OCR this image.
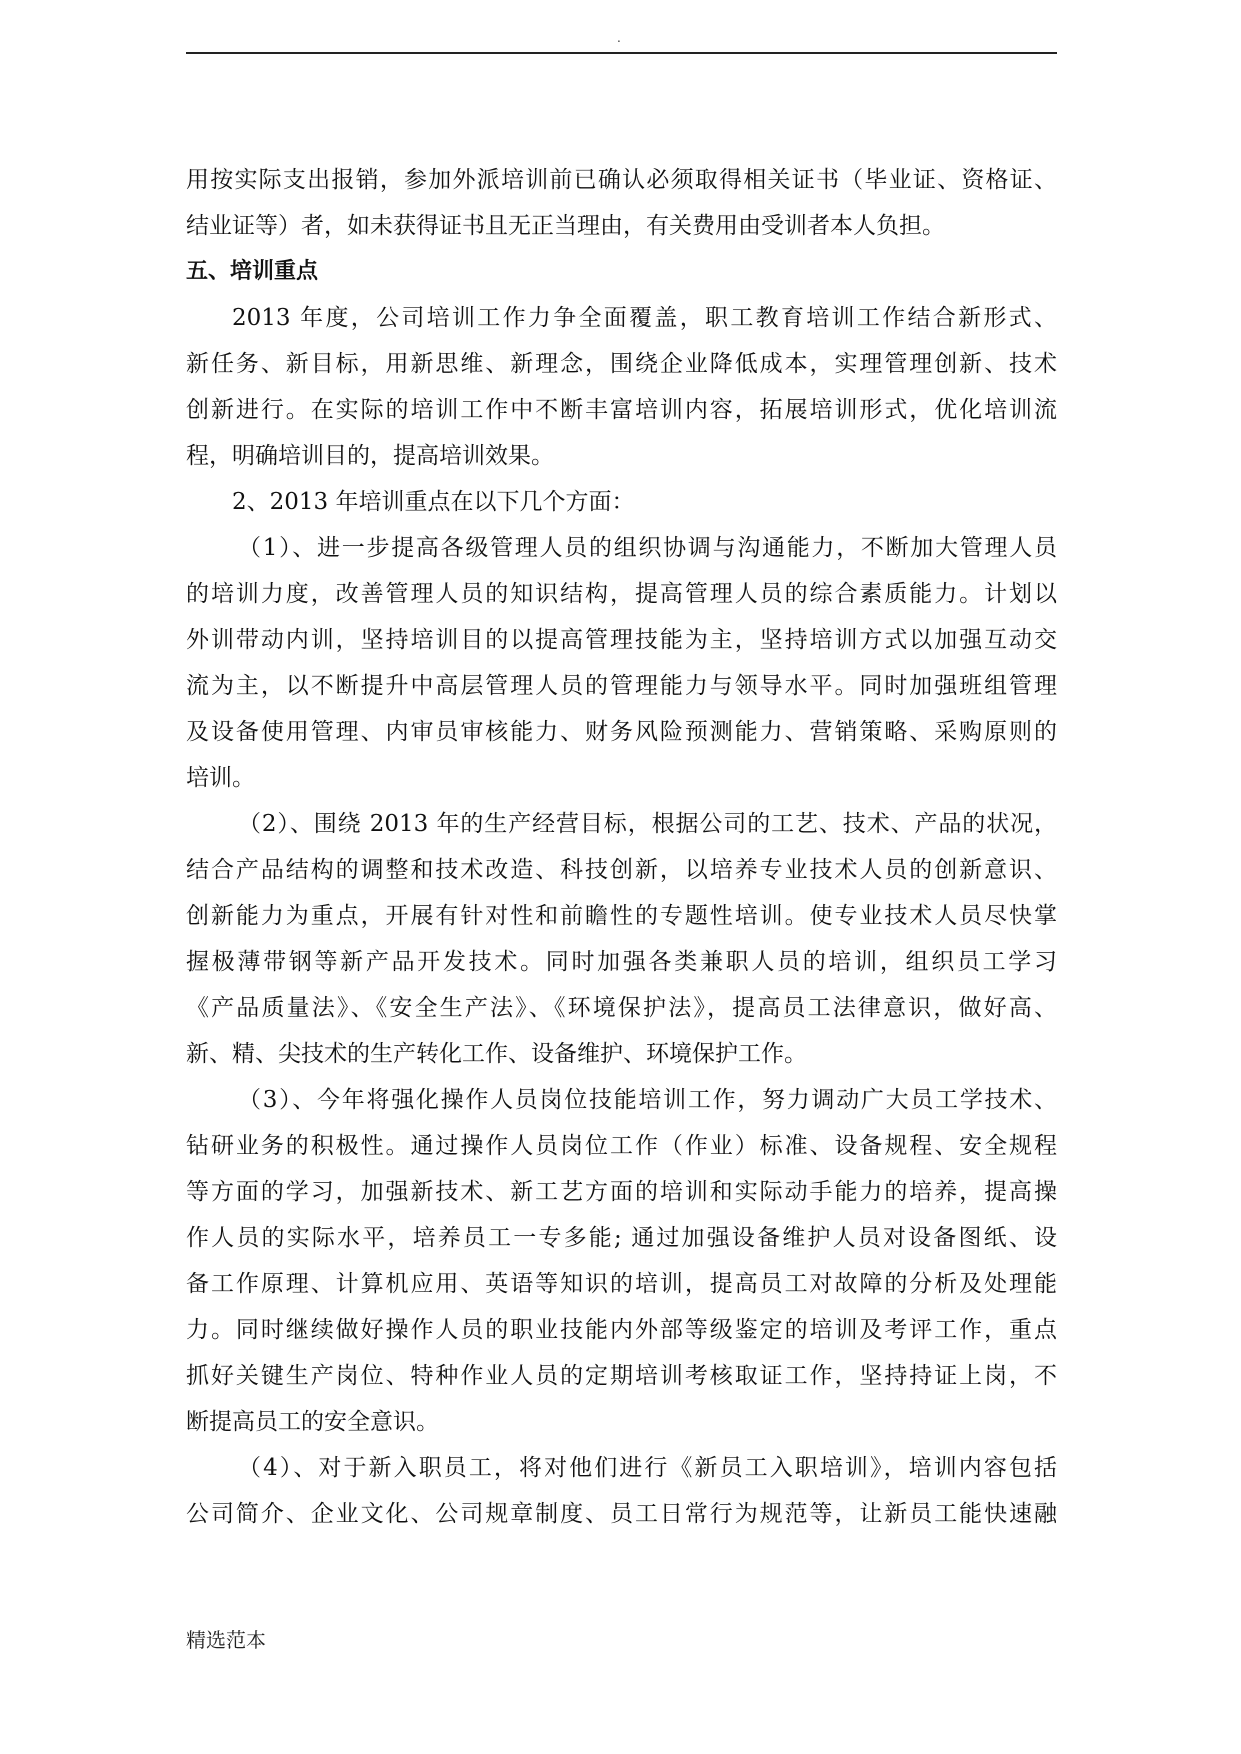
.
用按实际支出报销，参加外派培训前已确认必须取得相关证书（毕业证、资格证、
结业证等）者，如未获得证书且无正当理由，有关费用由受训者本人负担。
五、培训重点
2013 年度，公司培训工作力争全面覆盖，职工教育培训工作结合新形式、
新任务、新目标，用新思维、新理念，围绕企业降低成本，实理管理创新、技术
创新进行。在实际的培训工作中不断丰富培训内容，拓展培训形式，优化培训流
程，明确培训目的，提高培训效果。
2、2013 年培训重点在以下几个方面：
（1）、进一步提高各级管理人员的组织协调与沟通能力，不断加大管理人员
的培训力度，改善管理人员的知识结构，提高管理人员的综合素质能力。计划以
外训带动内训，坚持培训目的以提高管理技能为主，坚持培训方式以加强互动交
流为主，以不断提升中高层管理人员的管理能力与领导水平。同时加强班组管理
及设备使用管理、内审员审核能力、财务风险预测能力、营销策略、采购原则的
培训。
（2）、围绕 2013 年的生产经营目标，根据公司的工艺、技术、产品的状况，
结合产品结构的调整和技术改造、科技创新，以培养专业技术人员的创新意识、
创新能力为重点，开展有针对性和前瞻性的专题性培训。使专业技术人员尽快掌
握极薄带钢等新产品开发技术。同时加强各类兼职人员的培训，组织员工学习
《产品质量法》、《安全生产法》、《环境保护法》，提高员工法律意识，做好高、
新、精、尖技术的生产转化工作、设备维护、环境保护工作。
（3）、今年将强化操作人员岗位技能培训工作，努力调动广大员工学技术、
钻研业务的积极性。通过操作人员岗位工作（作业）标准、设备规程、安全规程
等方面的学习，加强新技术、新工艺方面的培训和实际动手能力的培养，提高操
作人员的实际水平，培养员工一专多能; 通过加强设备维护人员对设备图纸、设
备工作原理、计算机应用、英语等知识的培训，提高员工对故障的分析及处理能
力。同时继续做好操作人员的职业技能内外部等级鉴定的培训及考评工作，重点
抓好关键生产岗位、特种作业人员的定期培训考核取证工作，坚持持证上岗，不
断提高员工的安全意识。
（4）、对于新入职员工，将对他们进行《新员工入职培训》，培训内容包括
公司简介、企业文化、公司规章制度、员工日常行为规范等，让新员工能快速融
精选范本
